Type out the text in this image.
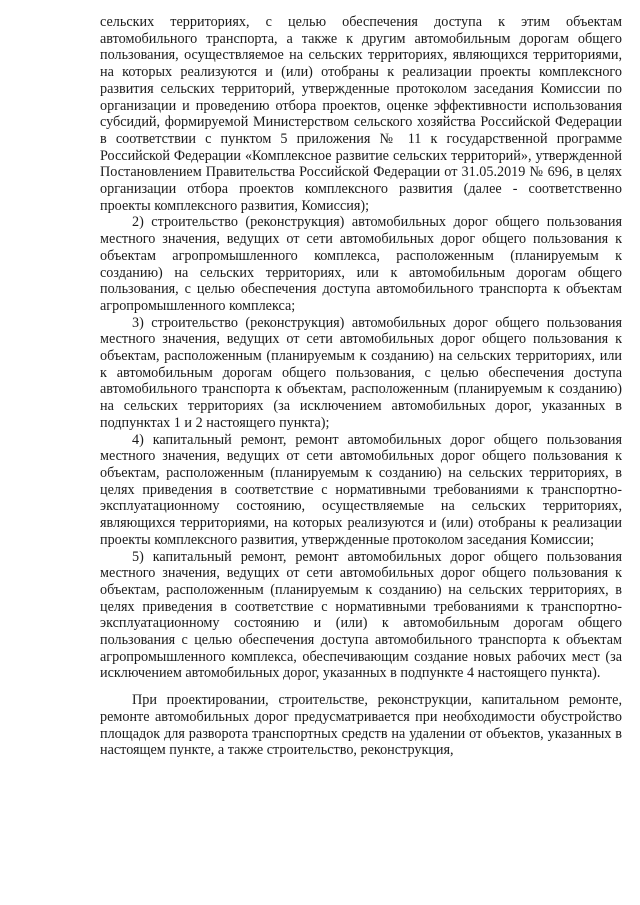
сельских территориях, с целью обеспечения доступа к этим объектам автомобильного транспорта, а также к другим автомобильным дорогам общего пользования, осуществляемое на сельских территориях, являющихся территориями, на которых реализуются и (или) отобраны к реализации проекты комплексного развития сельских территорий, утвержденные протоколом заседания Комиссии по организации и проведению отбора проектов, оценке эффективности использования субсидий, формируемой Министерством сельского хозяйства Российской Федерации в соответствии с пунктом 5 приложения № 11 к государственной программе Российской Федерации «Комплексное развитие сельских территорий», утвержденной Постановлением Правительства Российской Федерации от 31.05.2019 № 696, в целях организации отбора проектов комплексного развития (далее - соответственно проекты комплексного развития, Комиссия);

2) строительство (реконструкция) автомобильных дорог общего пользования местного значения, ведущих от сети автомобильных дорог общего пользования к объектам агропромышленного комплекса, расположенным (планируемым к созданию) на сельских территориях, или к автомобильным дорогам общего пользования, с целью обеспечения доступа автомобильного транспорта к объектам агропромышленного комплекса;

3) строительство (реконструкция) автомобильных дорог общего пользования местного значения, ведущих от сети автомобильных дорог общего пользования к объектам, расположенным (планируемым к созданию) на сельских территориях, или к автомобильным дорогам общего пользования, с целью обеспечения доступа автомобильного транспорта к объектам, расположенным (планируемым к созданию) на сельских территориях (за исключением автомобильных дорог, указанных в подпунктах 1 и 2 настоящего пункта);

4) капитальный ремонт, ремонт автомобильных дорог общего пользования местного значения, ведущих от сети автомобильных дорог общего пользования к объектам, расположенным (планируемым к созданию) на сельских территориях, в целях приведения в соответствие с нормативными требованиями к транспортно-эксплуатационному состоянию, осуществляемые на сельских территориях, являющихся территориями, на которых реализуются и (или) отобраны к реализации проекты комплексного развития, утвержденные протоколом заседания Комиссии;

5) капитальный ремонт, ремонт автомобильных дорог общего пользования местного значения, ведущих от сети автомобильных дорог общего пользования к объектам, расположенным (планируемым к созданию) на сельских территориях, в целях приведения в соответствие с нормативными требованиями к транспортно-эксплуатационному состоянию и (или) к автомобильным дорогам общего пользования с целью обеспечения доступа автомобильного транспорта к объектам агропромышленного комплекса, обеспечивающим создание новых рабочих мест (за исключением автомобильных дорог, указанных в подпункте 4 настоящего пункта).

При проектировании, строительстве, реконструкции, капитальном ремонте, ремонте автомобильных дорог предусматривается при необходимости обустройство площадок для разворота транспортных средств на удалении от объектов, указанных в настоящем пункте, а также строительство, реконструкция,
